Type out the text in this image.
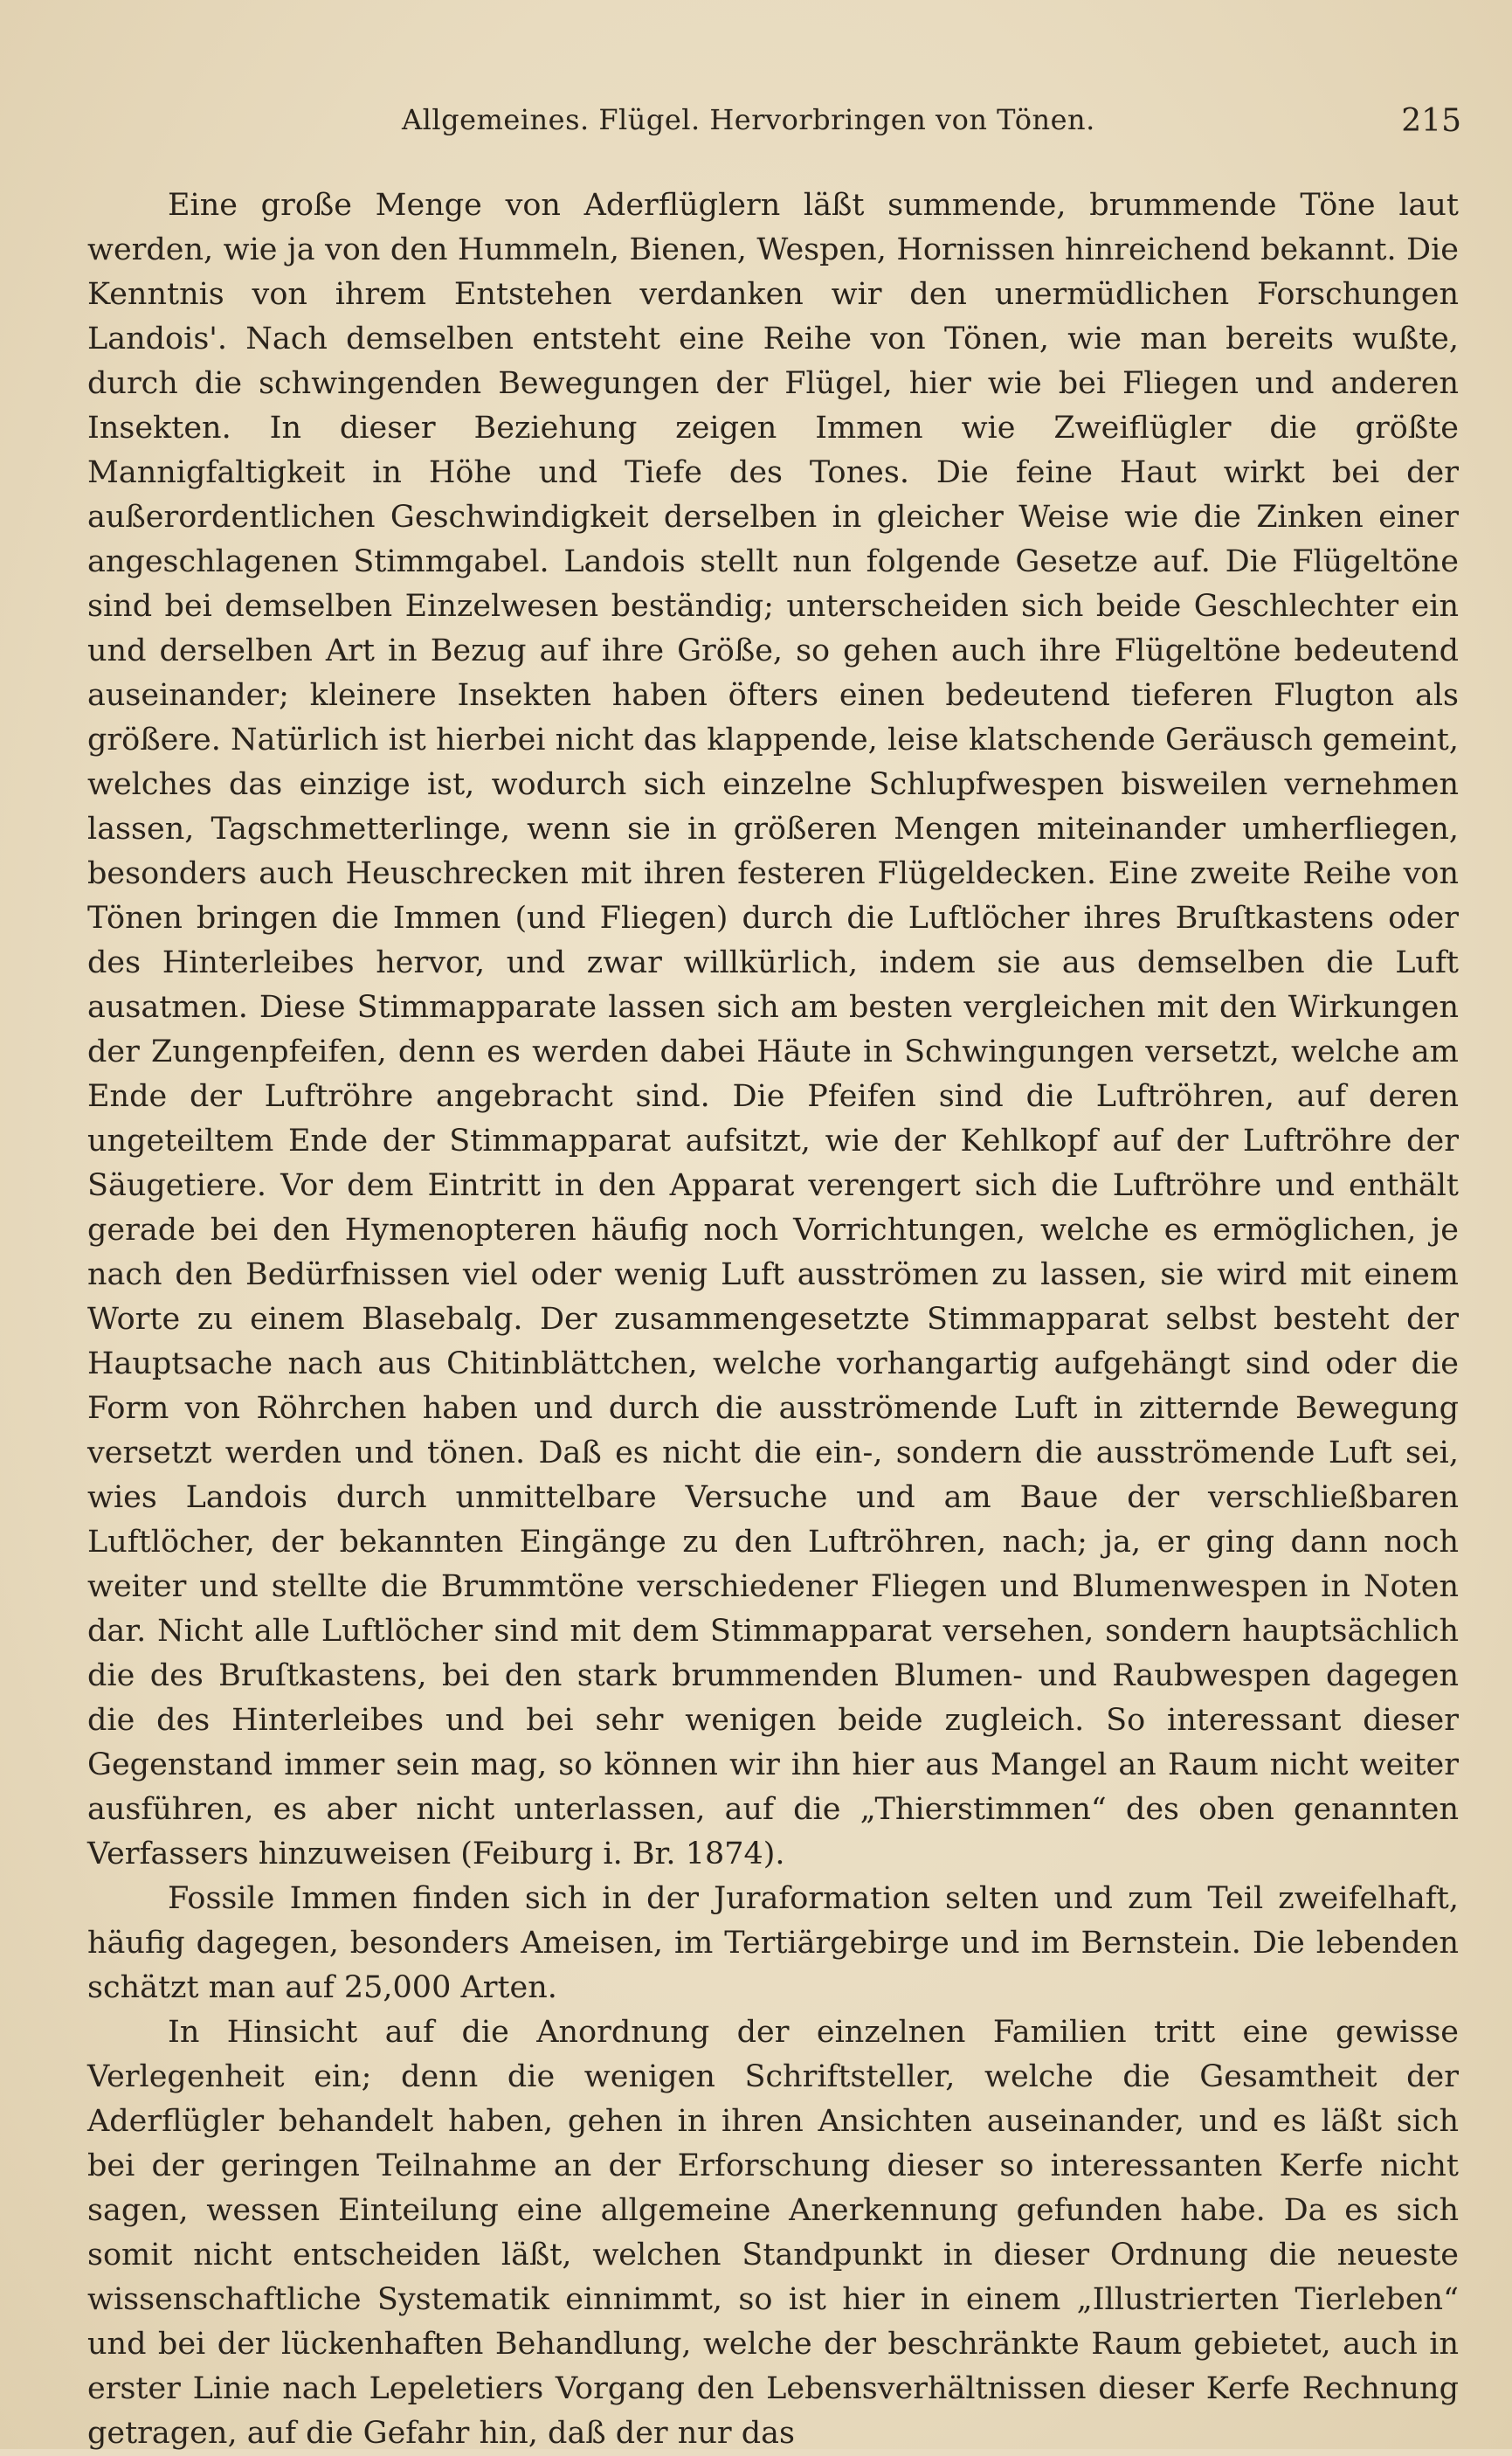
Allgemeines. Flügel. Hervorbringen von Tönen.	215

Eine große Menge von Aderflüglern läßt summende, brummende Töne laut werden, wie ja von den Hummeln, Bienen, Wespen, Hornissen hinreichend bekannt. Die Kenntnis von ihrem Entstehen verdanken wir den unermüdlichen Forschungen Landois'. Nach demselben entsteht eine Reihe von Tönen, wie man bereits wußte, durch die schwingenden Bewegungen der Flügel, hier wie bei Fliegen und anderen Insekten. In dieser Beziehung zeigen Immen wie Zweiflügler die größte Mannigfaltigkeit in Höhe und Tiefe des Tones. Die feine Haut wirkt bei der außerordentlichen Geschwindigkeit derselben in gleicher Weise wie die Zinken einer angeschlagenen Stimmgabel. Landois stellt nun folgende Gesetze auf. Die Flügeltöne sind bei demselben Einzelwesen beständig; unterscheiden sich beide Geschlechter ein und derselben Art in Bezug auf ihre Größe, so gehen auch ihre Flügeltöne bedeutend auseinander; kleinere Insekten haben öfters einen bedeutend tieferen Flugton als größere. Natürlich ist hierbei nicht das klappende, leise klatschende Geräusch gemeint, welches das einzige ist, wodurch sich einzelne Schlupfwespen bisweilen vernehmen lassen, Tagschmetterlinge, wenn sie in größeren Mengen miteinander umherfliegen, besonders auch Heuschrecken mit ihren festeren Flügeldecken. Eine zweite Reihe von Tönen bringen die Immen (und Fliegen) durch die Luftlöcher ihres Bruſtkastens oder des Hinterleibes hervor, und zwar willkürlich, indem sie aus demselben die Luft ausatmen. Diese Stimmapparate lassen sich am besten vergleichen mit den Wirkungen der Zungenpfeifen, denn es werden dabei Häute in Schwingungen versetzt, welche am Ende der Luftröhre angebracht sind. Die Pfeifen sind die Luftröhren, auf deren ungeteiltem Ende der Stimmapparat aufsitzt, wie der Kehlkopf auf der Luftröhre der Säugetiere. Vor dem Eintritt in den Apparat verengert sich die Luftröhre und enthält gerade bei den Hymenopteren häufig noch Vorrichtungen, welche es ermöglichen, je nach den Bedürfnissen viel oder wenig Luft ausströmen zu lassen, sie wird mit einem Worte zu einem Blasebalg. Der zusammengesetzte Stimmapparat selbst besteht der Hauptsache nach aus Chitinblättchen, welche vorhangartig aufgehängt sind oder die Form von Röhrchen haben und durch die ausströmende Luft in zitternde Bewegung versetzt werden und tönen. Daß es nicht die ein-, sondern die ausströmende Luft sei, wies Landois durch unmittelbare Versuche und am Baue der verschließbaren Luftlöcher, der bekannten Eingänge zu den Luftröhren, nach; ja, er ging dann noch weiter und stellte die Brummtöne verschiedener Fliegen und Blumenwespen in Noten dar. Nicht alle Luftlöcher sind mit dem Stimmapparat versehen, sondern hauptsächlich die des Bruſtkastens, bei den stark brummenden Blumen- und Raubwespen dagegen die des Hinterleibes und bei sehr wenigen beide zugleich. So interessant dieser Gegenstand immer sein mag, so können wir ihn hier aus Mangel an Raum nicht weiter ausführen, es aber nicht unterlassen, auf die „Thierstimmen“ des oben genannten Verfassers hinzuweisen (Feiburg i. Br. 1874).

Fossile Immen finden sich in der Juraformation selten und zum Teil zweifelhaft, häufig dagegen, besonders Ameisen, im Tertiärgebirge und im Bernstein. Die lebenden schätzt man auf 25,000 Arten.

In Hinsicht auf die Anordnung der einzelnen Familien tritt eine gewisse Verlegenheit ein; denn die wenigen Schriftsteller, welche die Gesamtheit der Aderflügler behandelt haben, gehen in ihren Ansichten auseinander, und es läßt sich bei der geringen Teilnahme an der Erforschung dieser so interessanten Kerfe nicht sagen, wessen Einteilung eine allgemeine Anerkennung gefunden habe. Da es sich somit nicht entscheiden läßt, welchen Standpunkt in dieser Ordnung die neueste wissenschaftliche Systematik einnimmt, so ist hier in einem „Illustrierten Tierleben“ und bei der lückenhaften Behandlung, welche der beschränkte Raum gebietet, auch in erster Linie nach Lepeletiers Vorgang den Lebensverhältnissen dieser Kerfe Rechnung getragen, auf die Gefahr hin, daß der nur das
